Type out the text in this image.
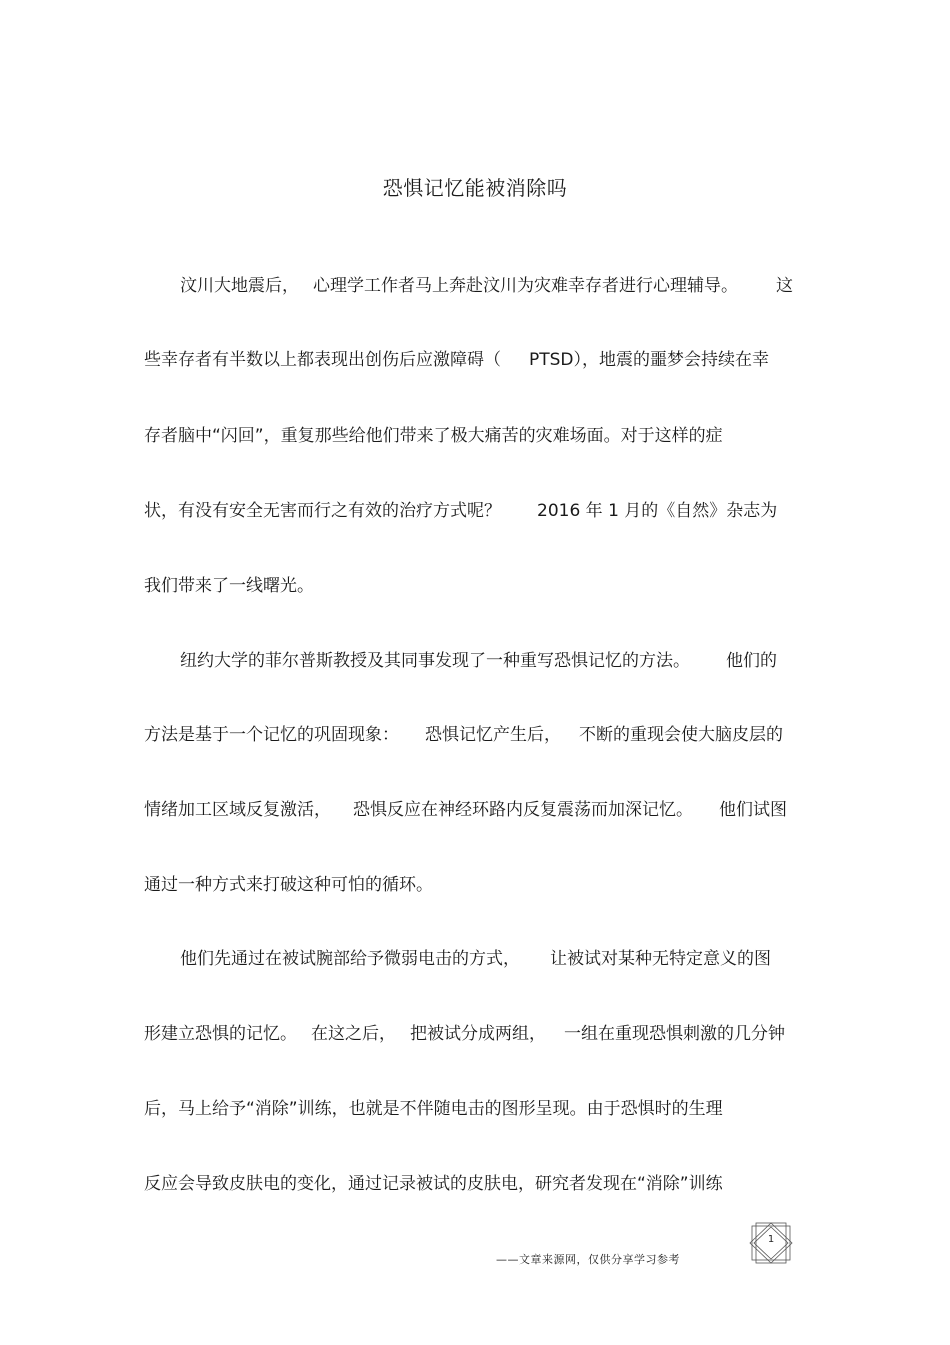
恐惧记忆能被消除吗
汶川大地震后， 心理学工作者马上奔赴汶川为灾难幸存者进行心理辅导。 这
些幸存者有半数以上都表现出创伤后应激障碍（ PTSD），地震的噩梦会持续在幸
存者脑中“闪回”，重复那些给他们带来了极大痛苦的灾难场面。对于这样的症
状，有没有安全无害而行之有效的治疗方式呢？ 2016 年 1 月的《自然》杂志为
我们带来了一线曙光。
纽约大学的菲尔普斯教授及其同事发现了一种重写恐惧记忆的方法。 他们的
方法是基于一个记忆的巩固现象： 恐惧记忆产生后， 不断的重现会使大脑皮层的
情绪加工区域反复激活， 恐惧反应在神经环路内反复震荡而加深记忆。 他们试图
通过一种方式来打破这种可怕的循环。
他们先通过在被试腕部给予微弱电击的方式， 让被试对某种无特定意义的图
形建立恐惧的记忆。 在这之后， 把被试分成两组， 一组在重现恐惧刺激的几分钟
后，马上给予“消除”训练，也就是不伴随电击的图形呈现。由于恐惧时的生理
反应会导致皮肤电的变化，通过记录被试的皮肤电，研究者发现在“消除”训练
1
——文章来源网，仅供分享学习参考
